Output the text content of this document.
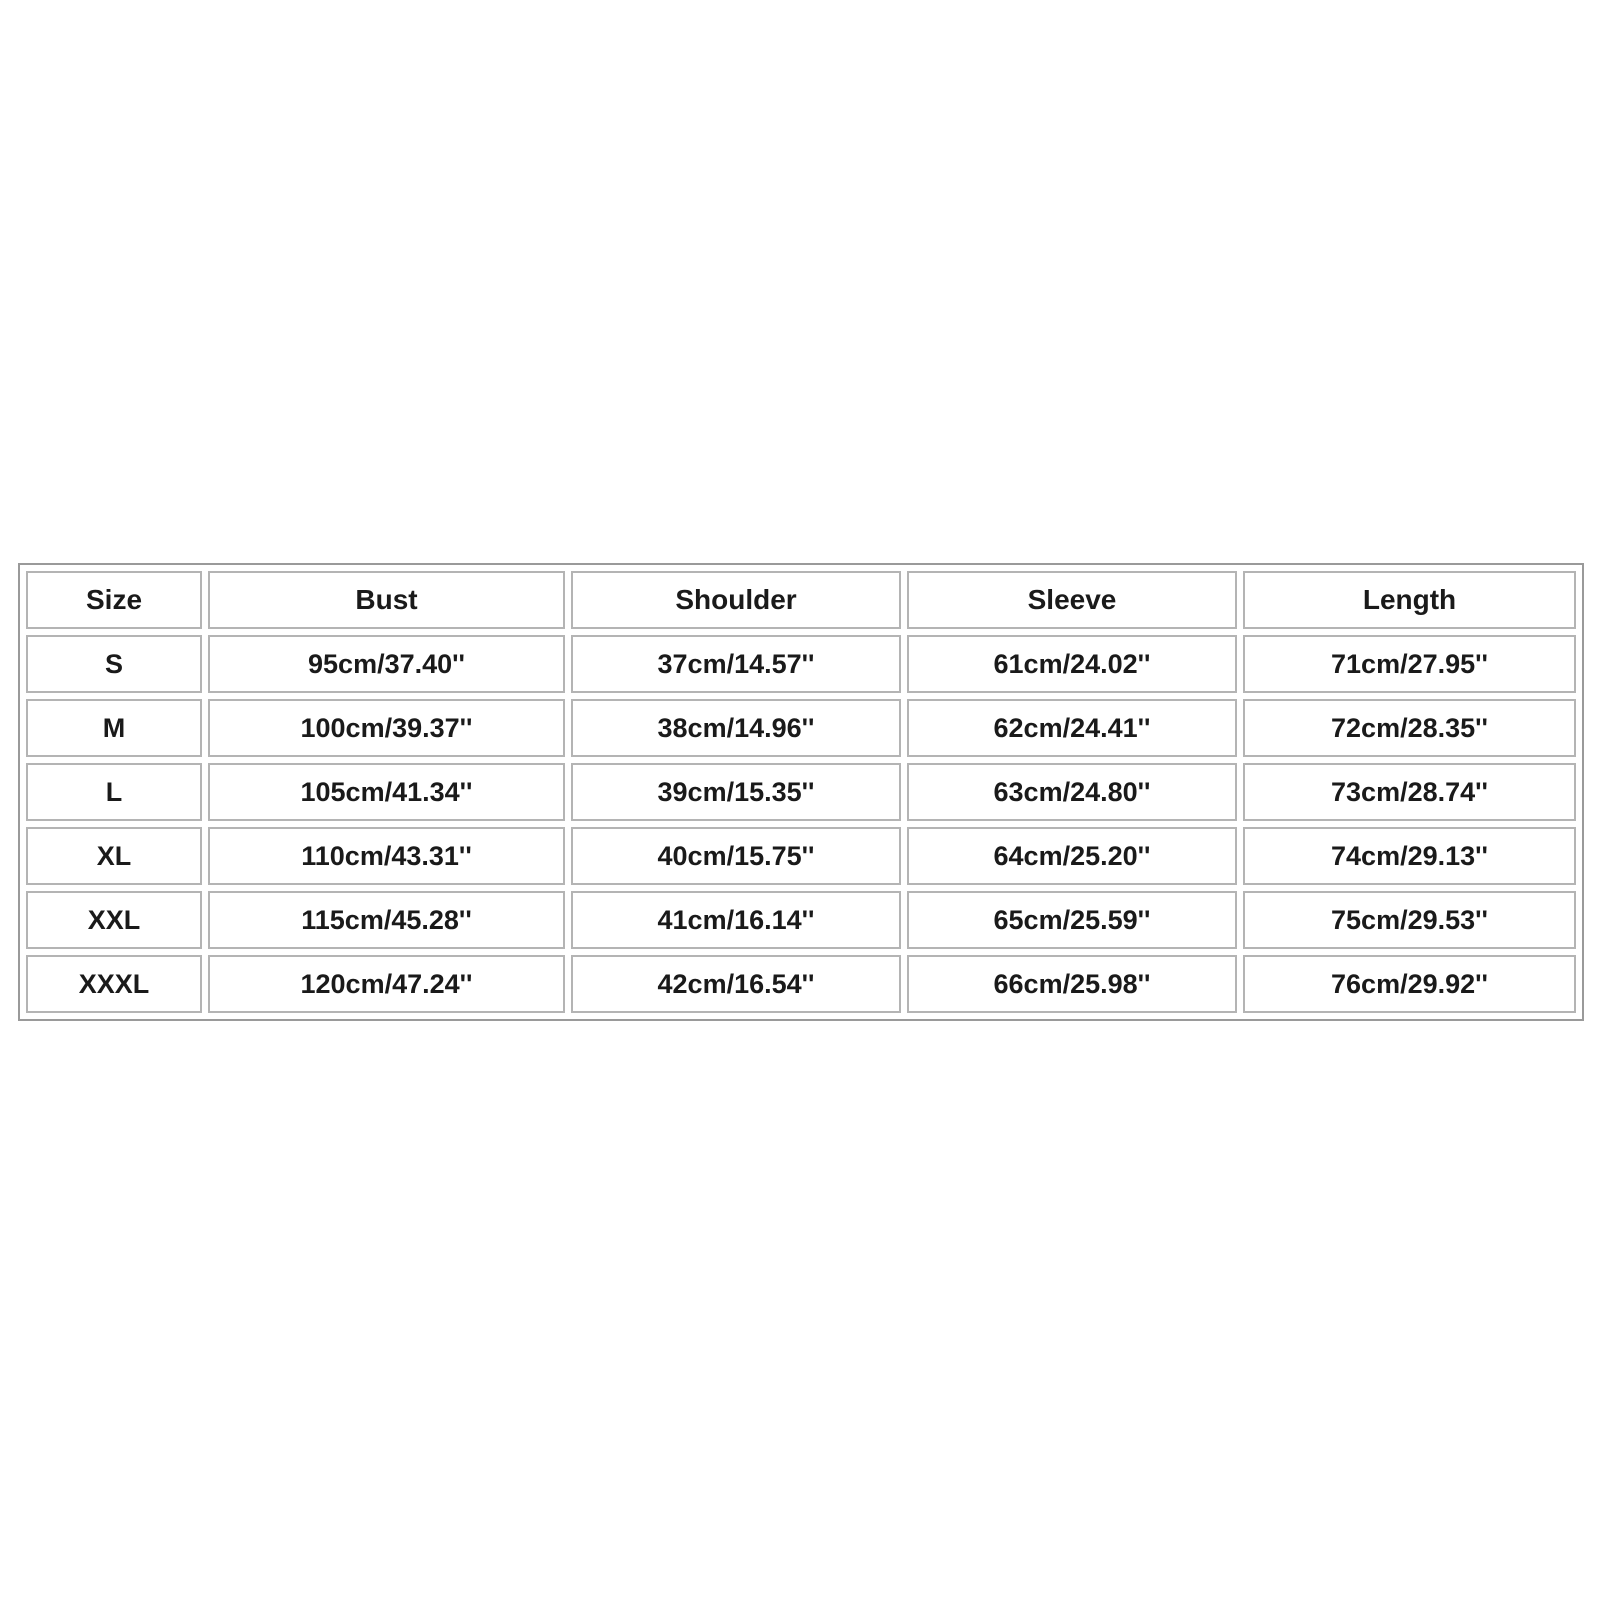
Size	Bust	Shoulder	Sleeve	Length
S	95cm/37.40''	37cm/14.57''	61cm/24.02''	71cm/27.95''
M	100cm/39.37''	38cm/14.96''	62cm/24.41''	72cm/28.35''
L	105cm/41.34''	39cm/15.35''	63cm/24.80''	73cm/28.74''
XL	110cm/43.31''	40cm/15.75''	64cm/25.20''	74cm/29.13''
XXL	115cm/45.28''	41cm/16.14''	65cm/25.59''	75cm/29.53''
XXXL	120cm/47.24''	42cm/16.54''	66cm/25.98''	76cm/29.92''
